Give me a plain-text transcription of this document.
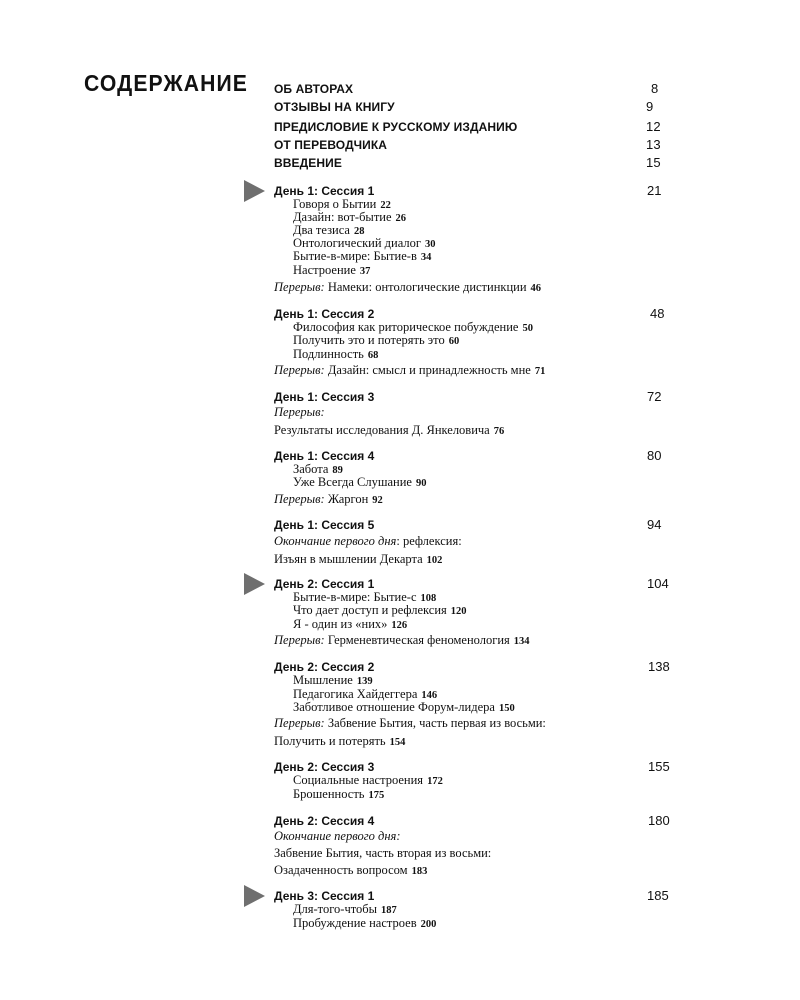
СОДЕРЖАНИЕ ОБ АВТОРАХ	8
ОТЗЫВЫ НА КНИГУ	9
ПРЕДИСЛОВИЕ К РУССКОМУ ИЗДАНИЮ	12
ОТ ПЕРЕВОДЧИКА	13
ВВЕДЕНИЕ	15
День 1: Сессия 1	21
Говоря о Бытии 22
Дазайн: вот-бытие 26
Два тезиса 28
Онтологический диалог 30
Бытие-в-мире: Бытие-в 34
Настроение 37
Перерыв: Намеки: онтологические дистинкции 46
День 1: Сессия 2	48
Философия как риторическое побуждение 50
Получить это и потерять это 60
Подлинность 68
Перерыв: Дазайн: смысл и принадлежность мне 71
День 1: Сессия 3	72
Перерыв:
Результаты исследования Д. Янкеловича 76
День 1: Сессия 4	80
Забота 89
Уже Всегда Слушание 90
Перерыв: Жаргон 92
День 1: Сессия 5	94
Окончание первого дня: рефлексия:
Изъян в мышлении Декарта 102
День 2: Сессия 1	104
Бытие-в-мире: Бытие-с 108
Что дает доступ и рефлексия 120
Я - один из «них» 126
Перерыв: Герменевтическая феноменология 134
День 2: Сессия 2	138
Мышление 139
Педагогика Хайдеггера 146
Заботливое отношение Форум-лидера 150
Перерыв: Забвение Бытия, часть первая из восьми:
Получить и потерять 154
День 2: Сессия 3	155
Социальные настроения 172
Брошенность 175
День 2: Сессия 4	180
Окончание первого дня:
Забвение Бытия, часть вторая из восьми:
Озадаченность вопросом 183
День 3: Сессия 1	185
Для-того-чтобы 187
Пробуждение настроев 200
